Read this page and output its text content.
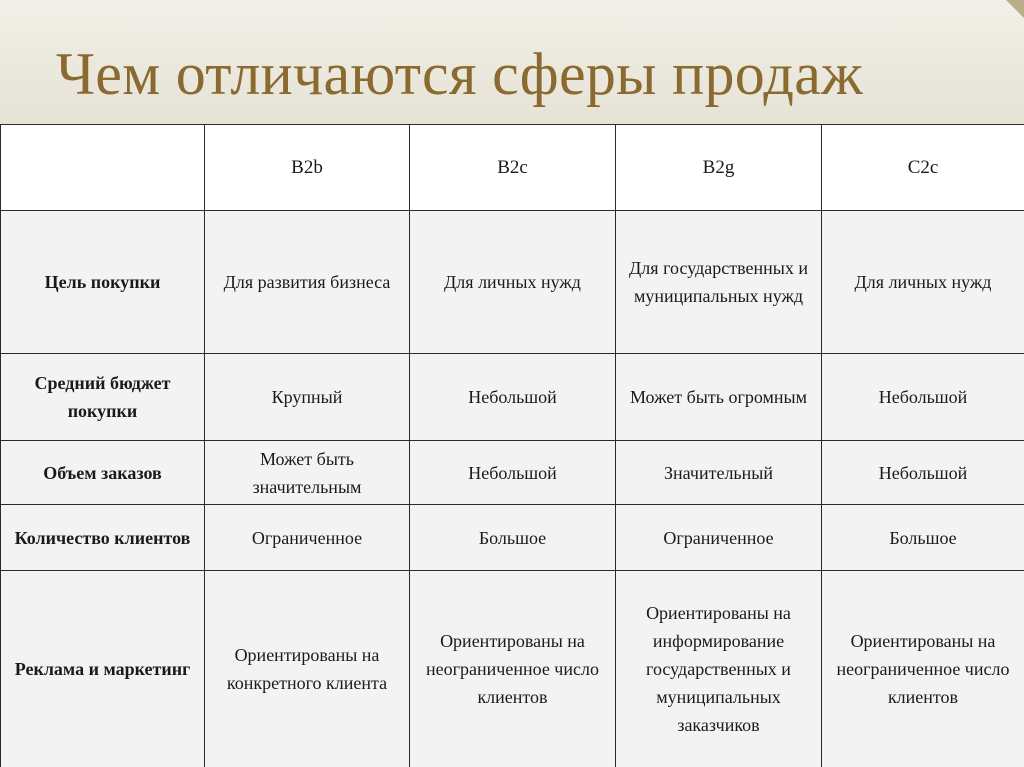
Чем отличаются сферы продаж
	B2b	B2c	B2g	C2c
Цель покупки	Для развития бизнеса	Для личных нужд	Для государственных и муниципальных нужд	Для личных нужд
Средний бюджет покупки	Крупный	Небольшой	Может быть огромным	Небольшой
Объем заказов	Может быть значительным	Небольшой	Значительный	Небольшой
Количество клиентов	Ограниченное	Большое	Ограниченное	Большое
Реклама и маркетинг	Ориентированы на конкретного клиента	Ориентированы на неограниченное число клиентов	Ориентированы на информирование государственных и муниципальных заказчиков	Ориентированы на неограниченное число клиентов
